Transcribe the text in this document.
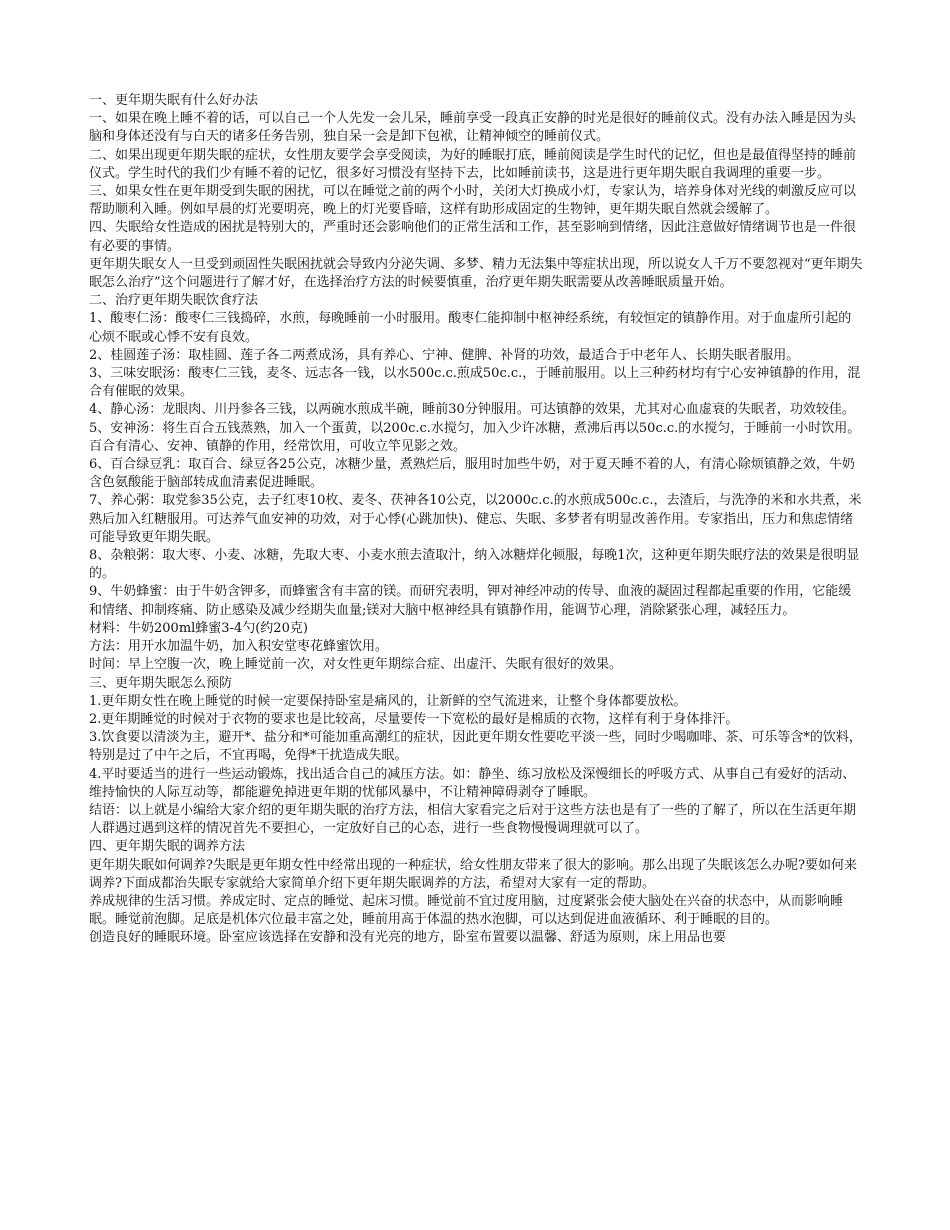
一、更年期失眠有什么好办法

一、如果在晚上睡不着的话，可以自己一个人先发一会儿呆，睡前享受一段真正安静的时光是很好的睡前仪式。没有办法入睡是因为头脑和身体还没有与白天的诸多任务告别，独自呆一会是卸下包袱，让精神倾空的睡前仪式。

二、如果出现更年期失眠的症状，女性朋友要学会享受阅读，为好的睡眠打底，睡前阅读是学生时代的记忆，但也是最值得坚持的睡前仪式。学生时代的我们少有睡不着的记忆，很多好习惯没有坚持下去，比如睡前读书，这是进行更年期失眠自我调理的重要一步。

三、如果女性在更年期受到失眠的困扰，可以在睡觉之前的两个小时，关闭大灯换成小灯，专家认为，培养身体对光线的刺激反应可以帮助顺利入睡。例如早晨的灯光要明亮，晚上的灯光要昏暗，这样有助形成固定的生物钟，更年期失眠自然就会缓解了。

四、失眠给女性造成的困扰是特别大的，严重时还会影响他们的正常生活和工作，甚至影响到情绪，因此注意做好情绪调节也是一件很有必要的事情。

更年期失眠女人一旦受到顽固性失眠困扰就会导致内分泌失调、多梦、精力无法集中等症状出现，所以说女人千万不要忽视对“更年期失眠怎么治疗”这个问题进行了解才好，在选择治疗方法的时候要慎重，治疗更年期失眠需要从改善睡眠质量开始。

二、治疗更年期失眠饮食疗法

1、酸枣仁汤：酸枣仁三钱捣碎，水煎，每晚睡前一小时服用。酸枣仁能抑制中枢神经系统，有较恒定的镇静作用。对于血虚所引起的心烦不眠或心悸不安有良效。

2、桂圆莲子汤：取桂圆、莲子各二两煮成汤，具有养心、宁神、健脾、补肾的功效，最适合于中老年人、长期失眠者服用。

3、三味安眠汤：酸枣仁三钱，麦冬、远志各一钱，以水500c.c.煎成50c.c.，于睡前服用。以上三种药材均有宁心安神镇静的作用，混合有催眠的效果。

4、静心汤：龙眼肉、川丹参各三钱，以两碗水煎成半碗，睡前30分钟服用。可达镇静的效果，尤其对心血虚衰的失眠者，功效较佳。

5、安神汤：将生百合五钱蒸熟，加入一个蛋黄，以200c.c.水搅匀，加入少许冰糖，煮沸后再以50c.c.的水搅匀，于睡前一小时饮用。百合有清心、安神、镇静的作用，经常饮用，可收立竿见影之效。

6、百合绿豆乳：取百合、绿豆各25公克，冰糖少量，煮熟烂后，服用时加些牛奶，对于夏天睡不着的人，有清心除烦镇静之效，牛奶含色氨酸能于脑部转成血清素促进睡眠。

7、养心粥：取党参35公克，去子红枣10枚、麦冬、茯神各10公克，以2000c.c.的水煎成500c.c.，去渣后，与洗净的米和水共煮，米熟后加入红糖服用。可达养气血安神的功效，对于心悸(心跳加快)、健忘、失眠、多梦者有明显改善作用。专家指出，压力和焦虑情绪可能导致更年期失眠。

8、杂粮粥：取大枣、小麦、冰糖，先取大枣、小麦水煎去渣取汁，纳入冰糖烊化顿服，每晚1次，这种更年期失眠疗法的效果是很明显的。

9、牛奶蜂蜜：由于牛奶含钾多，而蜂蜜含有丰富的镁。而研究表明，钾对神经冲动的传导、血液的凝固过程都起重要的作用，它能缓和情绪、抑制疼痛、防止感染及减少经期失血量;镁对大脑中枢神经具有镇静作用，能调节心理，消除紧张心理，减轻压力。

材料：牛奶200ml蜂蜜3-4勺(约20克)

方法：用开水加温牛奶，加入积安堂枣花蜂蜜饮用。

时间：早上空腹一次，晚上睡觉前一次，对女性更年期综合症、出虚汗、失眠有很好的效果。

三、更年期失眠怎么预防

1.更年期女性在晚上睡觉的时候一定要保持卧室是痛风的，让新鲜的空气流进来，让整个身体都要放松。

2.更年期睡觉的时候对于衣物的要求也是比较高，尽量要传一下宽松的最好是棉质的衣物，这样有利于身体排汗。

3.饮食要以清淡为主，避开*、盐分和*可能加重高潮红的症状，因此更年期女性要吃平淡一些，同时少喝咖啡、茶、可乐等含*的饮料，特别是过了中午之后，不宜再喝，免得*干扰造成失眠。

4.平时要适当的进行一些运动锻炼，找出适合自己的减压方法。如：静坐、练习放松及深慢细长的呼吸方式、从事自己有爱好的活动、维持愉快的人际互动等，都能避免掉进更年期的忧郁风暴中，不让精神障碍剥夺了睡眠。

结语：以上就是小编给大家介绍的更年期失眠的治疗方法，相信大家看完之后对于这些方法也是有了一些的了解了，所以在生活更年期人群遇过遇到这样的情况首先不要担心，一定放好自己的心态，进行一些食物慢慢调理就可以了。

四、更年期失眠的调养方法

更年期失眠如何调养?失眠是更年期女性中经常出现的一种症状，给女性朋友带来了很大的影响。那么出现了失眠该怎么办呢?要如何来调养?下面成都治失眠专家就给大家简单介绍下更年期失眠调养的方法，希望对大家有一定的帮助。

养成规律的生活习惯。养成定时、定点的睡觉、起床习惯。睡觉前不宜过度用脑，过度紧张会使大脑处在兴奋的状态中，从而影响睡眠。睡觉前泡脚。足底是机体穴位最丰富之处，睡前用高于体温的热水泡脚，可以达到促进血液循环、利于睡眠的目的。

创造良好的睡眠环境。卧室应该选择在安静和没有光亮的地方，卧室布置要以温馨、舒适为原则，床上用品也要
